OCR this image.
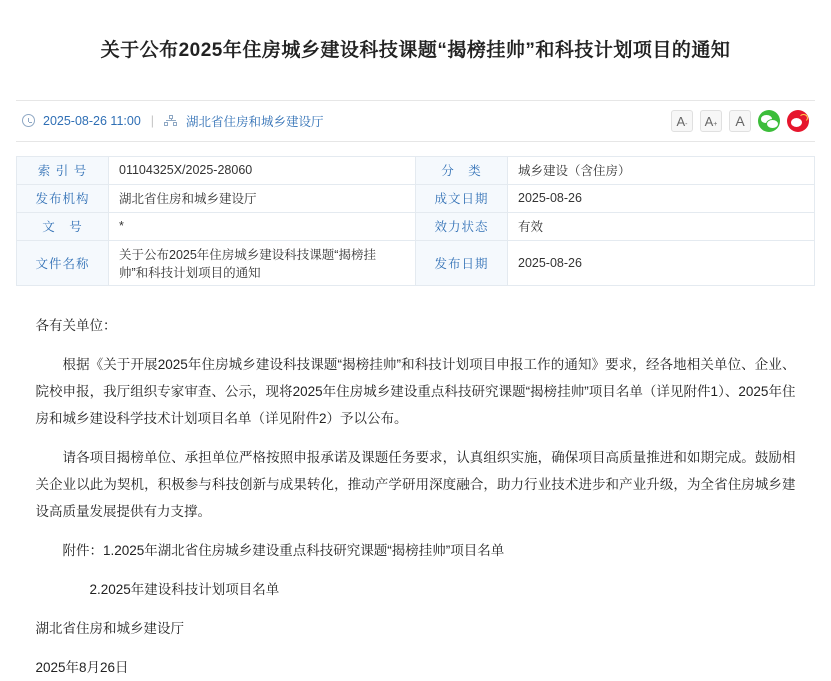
关于公布2025年住房城乡建设科技课题“揭榜挂帅”和科技计划项目的通知
2025-08-26 11:00 |	湖北省住房和城乡建设厅	$A_-$ $A_+$ A
索 引 号	01104325X/2025-28060	分　类	城乡建设（含住房）
发布机构	湖北省住房和城乡建设厅	成文日期	2025-08-26
文　号	*	效力状态	有效
文件名称	关于公布2025年住房城乡建设科技课题“揭榜挂帅”和科技计划项目的通知	发布日期	2025-08-26

各有关单位：

根据《关于开展2025年住房城乡建设科技课题“揭榜挂帅”和科技计划项目申报工作的通知》要求，经各地相关单位、企业、院校申报，我厅组织专家审查、公示，现将2025年住房城乡建设重点科技研究课题“揭榜挂帅”项目名单（详见附件1）、2025年住房和城乡建设科学技术计划项目名单（详见附件2）予以公布。

请各项目揭榜单位、承担单位严格按照申报承诺及课题任务要求，认真组织实施，确保项目高质量推进和如期完成。鼓励相关企业以此为契机，积极参与科技创新与成果转化，推动产学研用深度融合，助力行业技术进步和产业升级，为全省住房城乡建设高质量发展提供有力支撑。

附件：1.2025年湖北省住房城乡建设重点科技研究课题“揭榜挂帅”项目名单

2.2025年建设科技计划项目名单

湖北省住房和城乡建设厅

2025年8月26日
